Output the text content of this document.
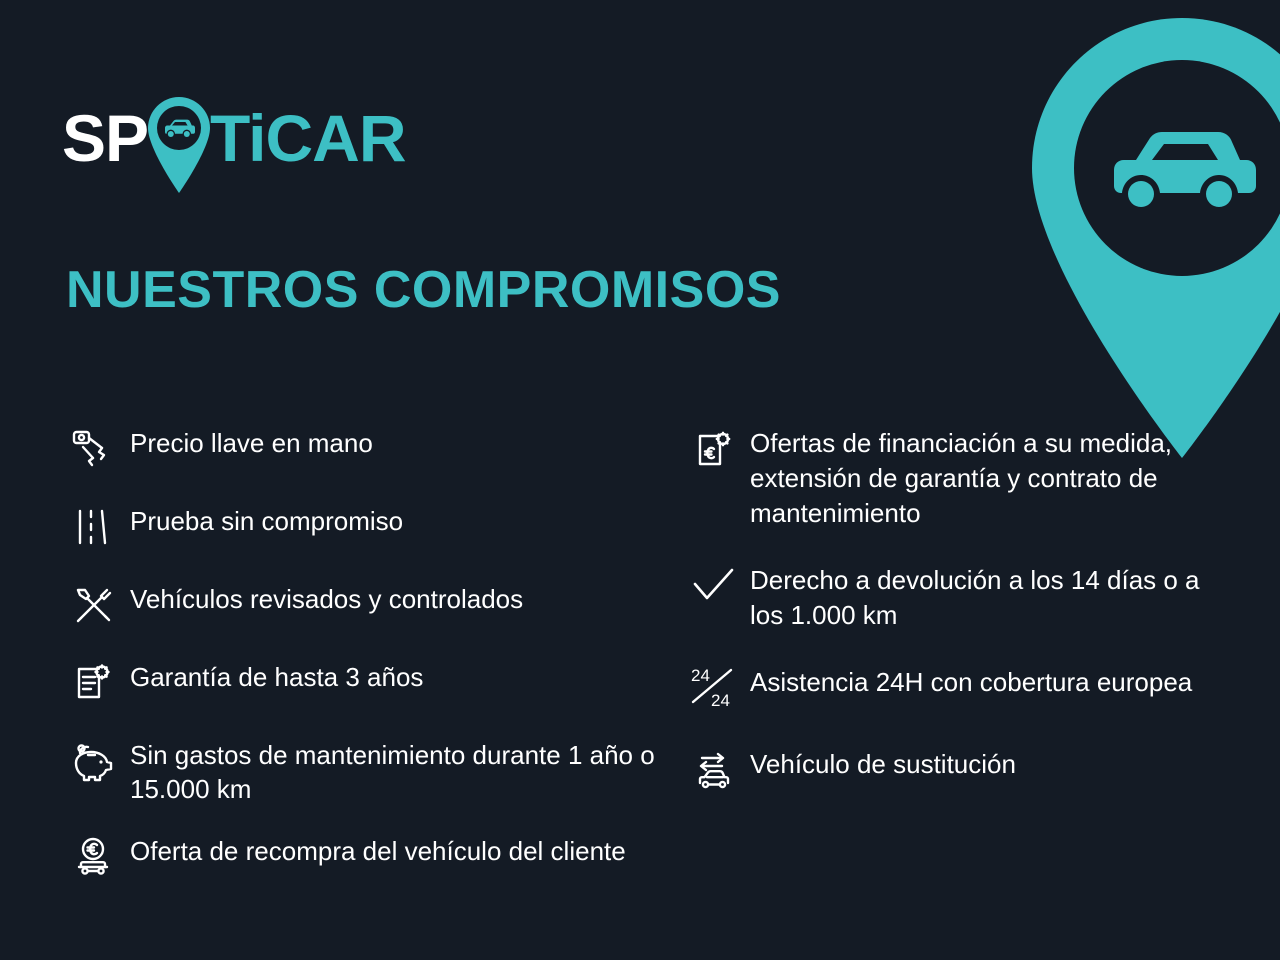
SP TiCAR
NUESTROS COMPROMISOS
Precio llave en mano
Prueba sin compromiso
Vehículos revisados y controlados
Garantía de hasta 3 años
Sin gastos de mantenimiento durante 1 año o 15.000 km
Oferta de recompra del vehículo del cliente
Ofertas de financiación a su medida, extensión de garantía y contrato de mantenimiento
Derecho a devolución a los 14 días o a los 1.000 km
24
24
Asistencia 24H con cobertura europea
Vehículo de sustitución
